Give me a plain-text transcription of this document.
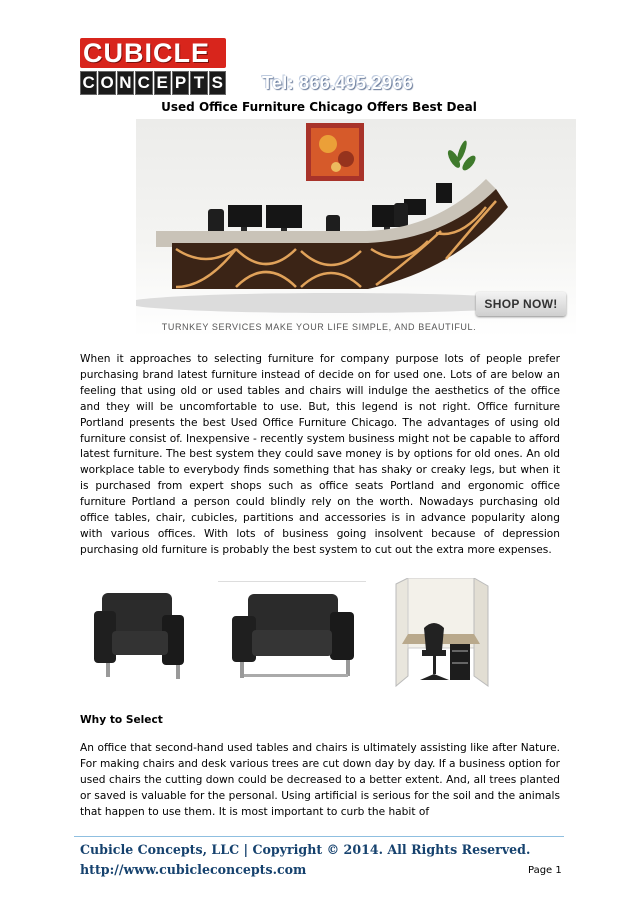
CUBICLE
C O N C E P T S Tel: 866.495.2966
Used Office Furniture Chicago Offers Best Deal
SHOP NOW!
TURNKEY SERVICES MAKE YOUR LIFE SIMPLE, AND BEAUTIFUL.
When it approaches to selecting furniture for company purpose lots of people prefer purchasing brand latest furniture instead of decide on for used one. Lots of are below an feeling that using old or used tables and chairs will indulge the aesthetics of the office and they will be uncomfortable to use. But, this legend is not right. Office furniture Portland presents the best Used Office Furniture Chicago. The advantages of using old furniture consist of. Inexpensive - recently system business might not be capable to afford latest furniture. The best system they could save money is by options for old ones. An old workplace table to everybody finds something that has shaky or creaky legs, but when it is purchased from expert shops such as office seats Portland and ergonomic office furniture Portland a person could blindly rely on the worth. Nowadays purchasing old office tables, chair, cubicles, partitions and accessories is in advance popularity along with various offices. With lots of business going insolvent because of depression purchasing old furniture is probably the best system to cut out the extra more expenses.
Why to Select
An office that second-hand used tables and chairs is ultimately assisting like after Nature. For making chairs and desk various trees are cut down day by day. If a business option for used chairs the cutting down could be decreased to a better extent. And, all trees planted or saved is valuable for the personal. Using artificial is serious for the soil and the animals that happen to use them. It is most important to curb the habit of
Cubicle Concepts, LLC | Copyright © 2014. All Rights Reserved.
http://www.cubicleconcepts.com	Page 1
